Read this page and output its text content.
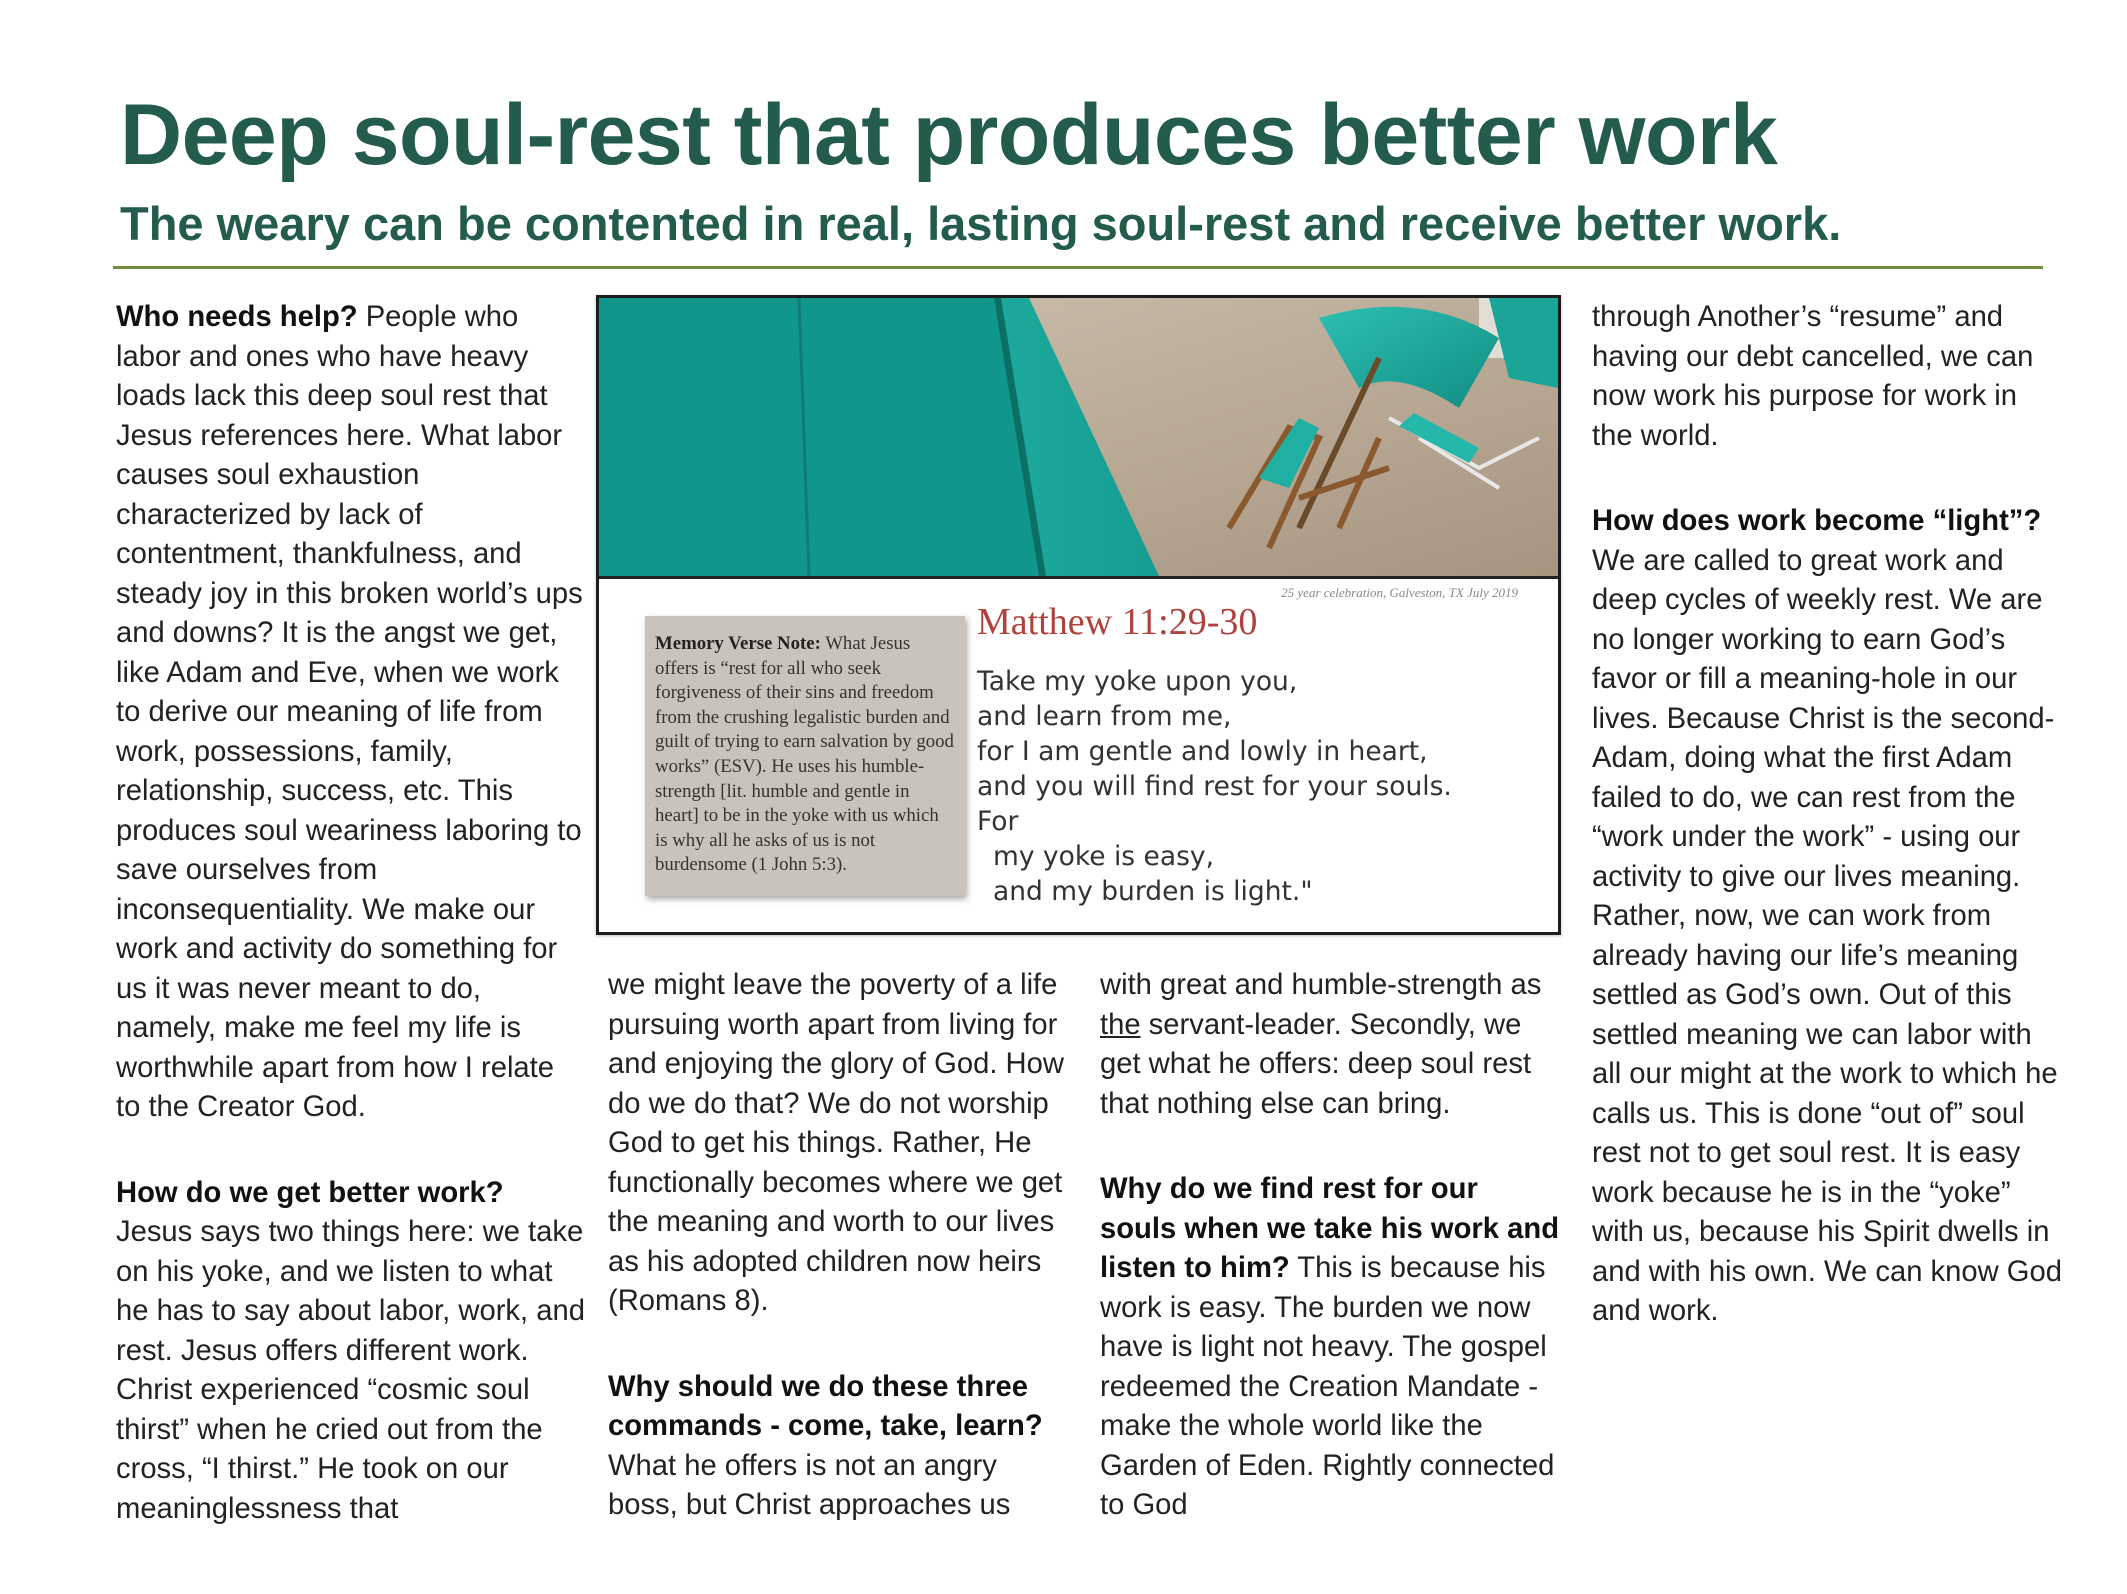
Deep soul-rest that produces better work
The weary can be contented in real, lasting soul-rest and receive better work.

Who needs help? People who labor and ones who have heavy loads lack this deep soul rest that Jesus references here. What labor causes soul exhaustion characterized by lack of contentment, thankfulness, and steady joy in this broken world’s ups and downs? It is the angst we get, like Adam and Eve, when we work to derive our meaning of life from work, possessions, family, relationship, success, etc. This produces soul weariness laboring to save ourselves from inconsequentiality. We make our work and activity do something for us it was never meant to do, namely, make me feel my life is worthwhile apart from how I relate to the Creator God.

How do we get better work? Jesus says two things here: we take on his yoke, and we listen to what he has to say about labor, work, and rest. Jesus offers different work. Christ experienced “cosmic soul thirst” when he cried out from the cross, “I thirst.” He took on our meaninglessness that

25 year celebration, Galveston, TX July 2019
Memory Verse Note: What Jesus offers is “rest for all who seek forgiveness of their sins and freedom from the crushing legalistic burden and guilt of trying to earn salvation by good works” (ESV). He uses his humble-strength [lit. humble and gentle in heart] to be in the yoke with us which is why all he asks of us is not burdensome (1 John 5:3).
Matthew 11:29-30
Take my yoke upon you,
and learn from me,
for I am gentle and lowly in heart,
and you will find rest for your souls.
For
my yoke is easy,
and my burden is light."

we might leave the poverty of a life pursuing worth apart from living for and enjoying the glory of God. How do we do that? We do not worship God to get his things. Rather, He functionally becomes where we get the meaning and worth to our lives as his adopted children now heirs (Romans 8).

Why should we do these three commands - come, take, learn? What he offers is not an angry boss, but Christ approaches us

with great and humble-strength as the servant-leader. Secondly, we get what he offers: deep soul rest that nothing else can bring.

Why do we find rest for our souls when we take his work and listen to him? This is because his work is easy. The burden we now have is light not heavy. The gospel redeemed the Creation Mandate - make the whole world like the Garden of Eden. Rightly connected to God

through Another’s “resume” and having our debt cancelled, we can now work his purpose for work in the world.

How does work become “light”? We are called to great work and deep cycles of weekly rest. We are no longer working to earn God’s favor or fill a meaning-hole in our lives. Because Christ is the second-Adam, doing what the first Adam failed to do, we can rest from the “work under the work” - using our activity to give our lives meaning. Rather, now, we can work from already having our life’s meaning settled as God’s own. Out of this settled meaning we can labor with all our might at the work to which he calls us. This is done “out of” soul rest not to get soul rest. It is easy work because he is in the “yoke” with us, because his Spirit dwells in and with his own. We can know God and work.
